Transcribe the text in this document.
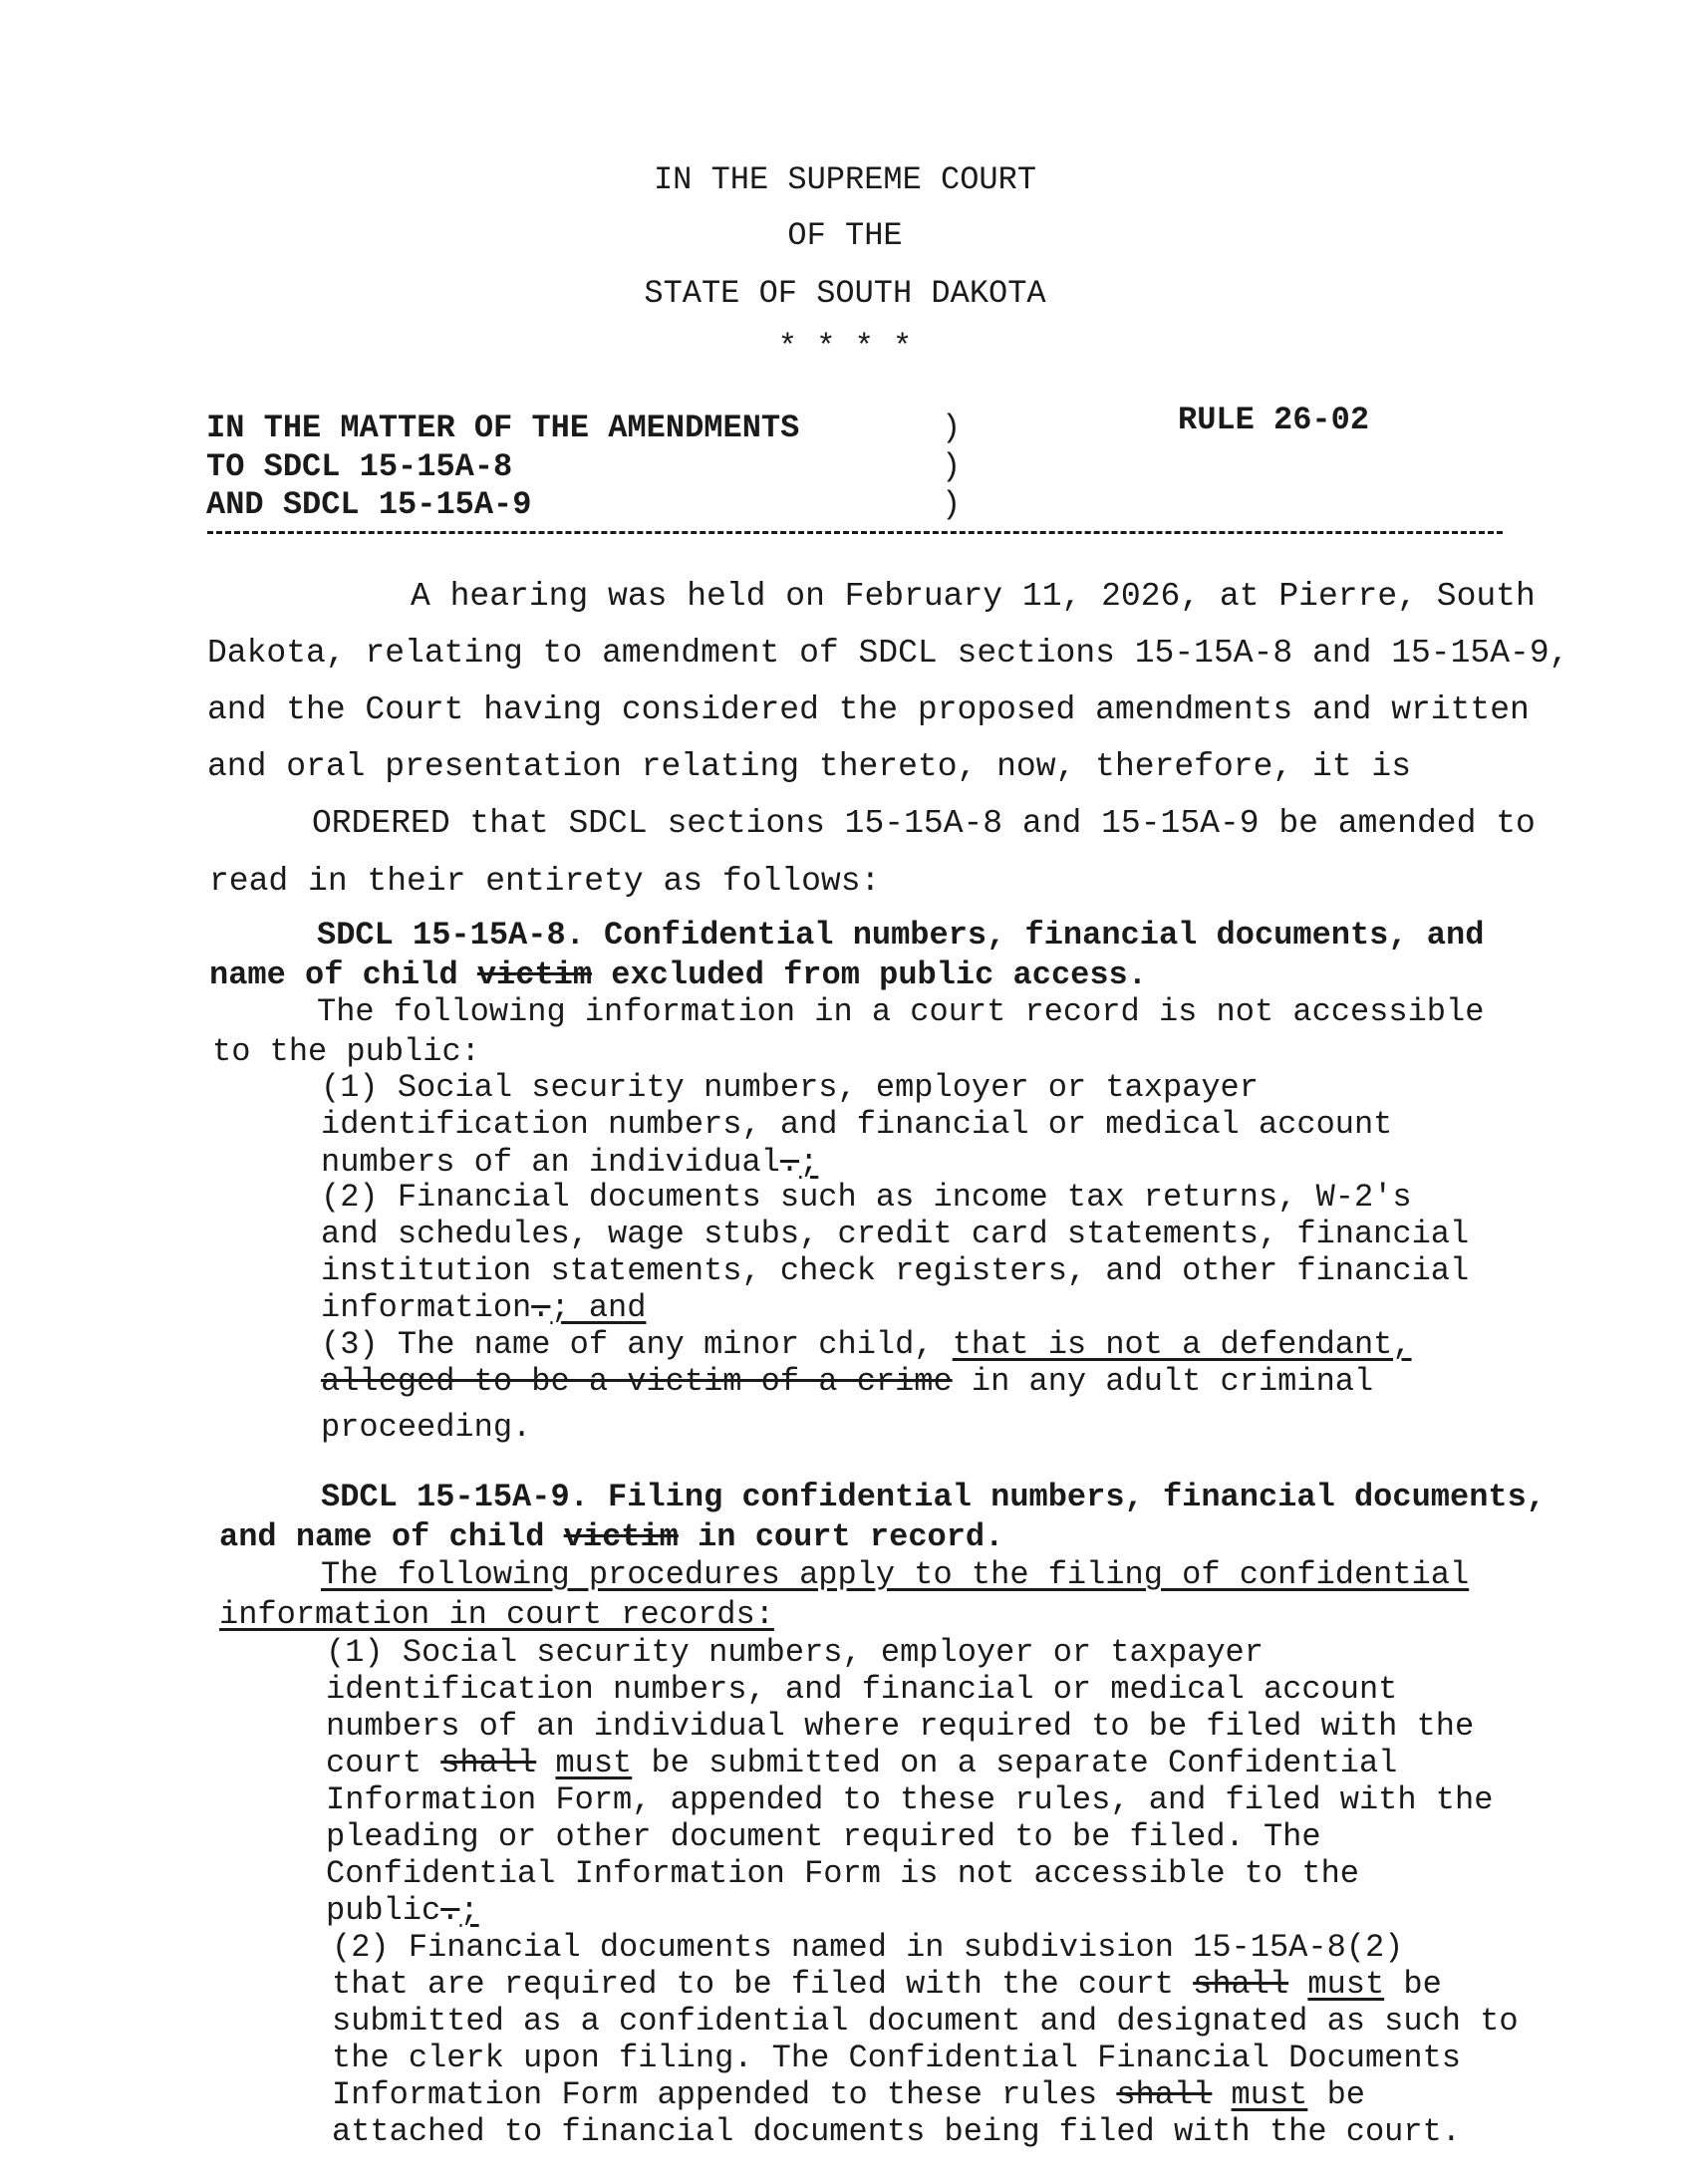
IN THE SUPREME COURT
OF THE
STATE OF SOUTH DAKOTA
* * * *
IN THE MATTER OF THE AMENDMENTS
TO SDCL 15-15A-8
AND SDCL 15-15A-9
)
)
)
RULE 26-02
A hearing was held on February 11, 2026, at Pierre, South
Dakota, relating to amendment of SDCL sections 15-15A-8 and 15-15A-9,
and the Court having considered the proposed amendments and written
and oral presentation relating thereto, now, therefore, it is
ORDERED that SDCL sections 15-15A-8 and 15-15A-9 be amended to
read in their entirety as follows:
SDCL 15-15A-8. Confidential numbers, financial documents, and
name of child victim excluded from public access.
The following information in a court record is not accessible
to the public:
(1) Social security numbers, employer or taxpayer
identification numbers, and financial or medical account
numbers of an individual.;
(2) Financial documents such as income tax returns, W-2's
and schedules, wage stubs, credit card statements, financial
institution statements, check registers, and other financial
information.; and
(3) The name of any minor child, that is not a defendant,
alleged to be a victim of a crime in any adult criminal
proceeding.
SDCL 15-15A-9. Filing confidential numbers, financial documents,
and name of child victim in court record.
The following procedures apply to the filing of confidential
information in court records:
(1) Social security numbers, employer or taxpayer
identification numbers, and financial or medical account
numbers of an individual where required to be filed with the
court shall must be submitted on a separate Confidential
Information Form, appended to these rules, and filed with the
pleading or other document required to be filed. The
Confidential Information Form is not accessible to the
public.;
(2) Financial documents named in subdivision 15-15A-8(2)
that are required to be filed with the court shall must be
submitted as a confidential document and designated as such to
the clerk upon filing. The Confidential Financial Documents
Information Form appended to these rules shall must be
attached to financial documents being filed with the court.
